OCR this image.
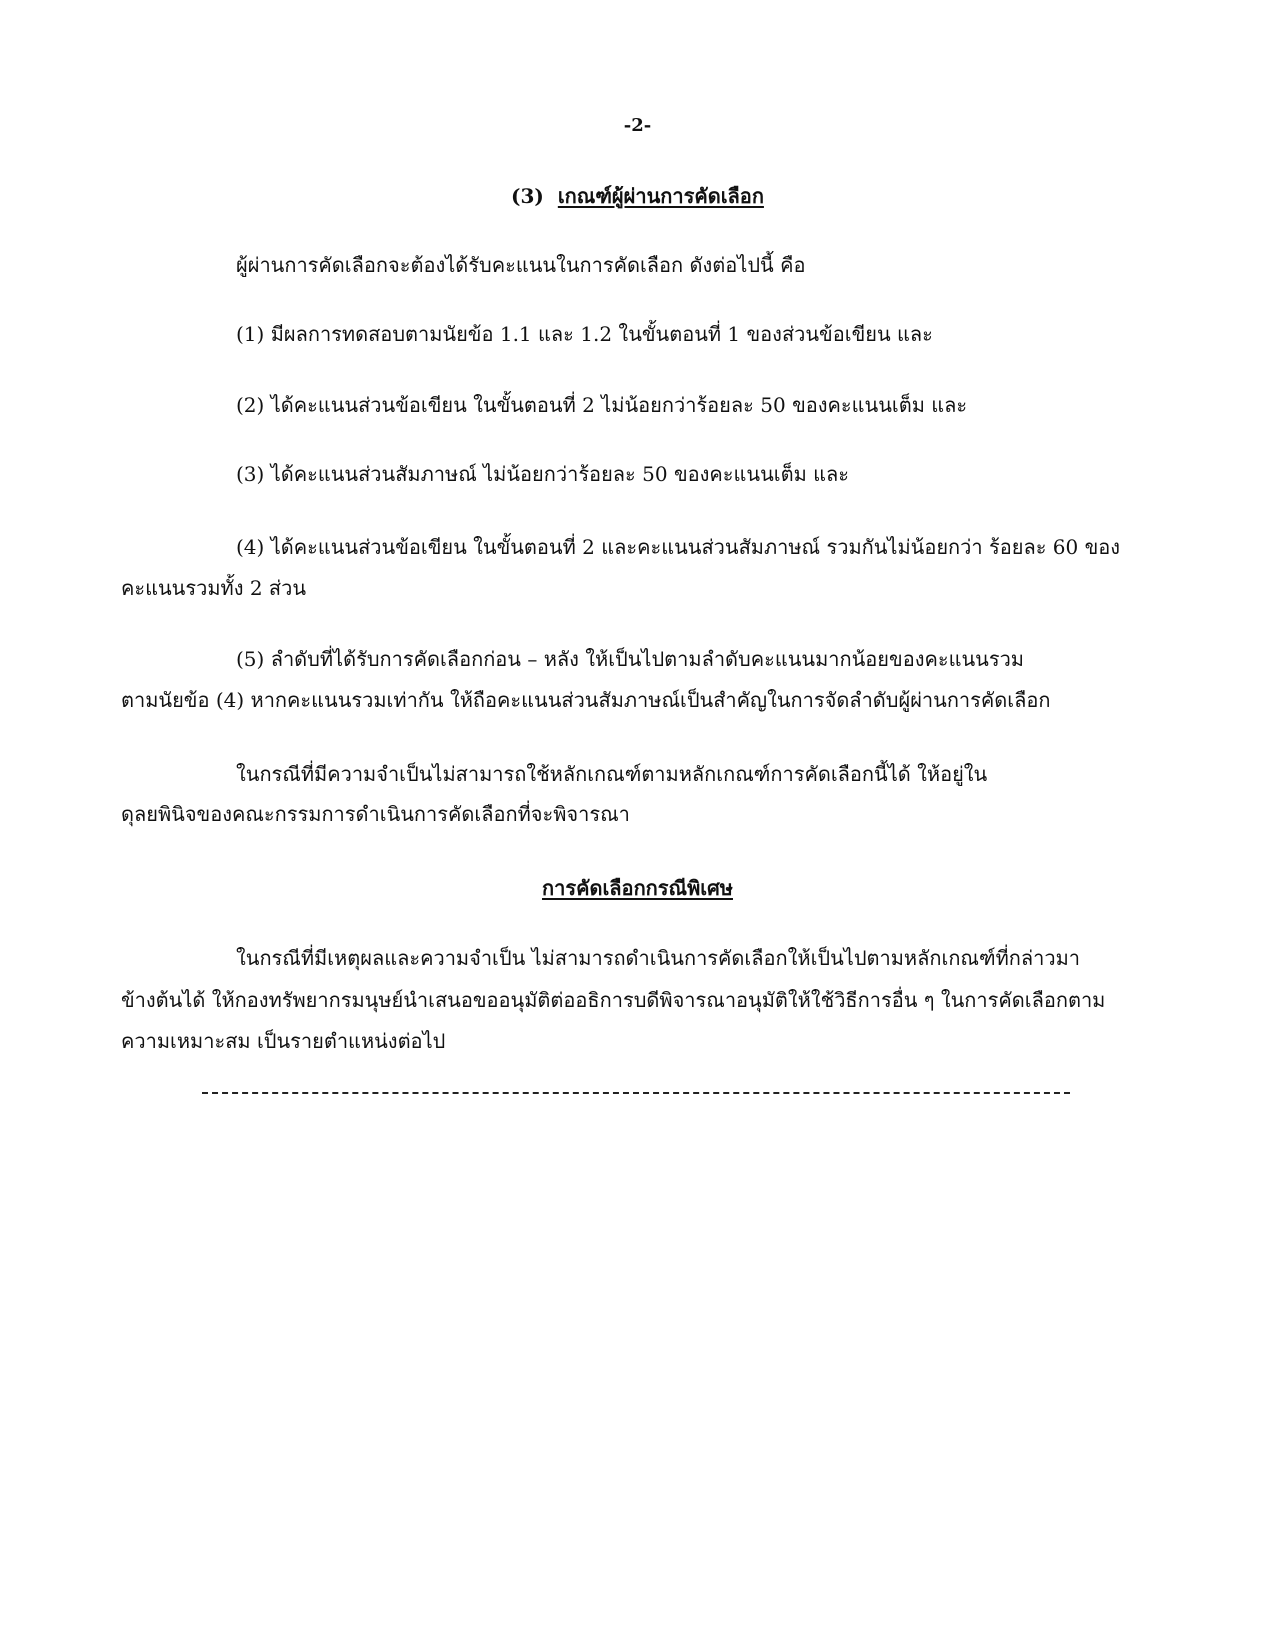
-2-
(3) เกณฑ์ผู้ผ่านการคัดเลือก
ผู้ผ่านการคัดเลือกจะต้องได้รับคะแนนในการคัดเลือก ดังต่อไปนี้ คือ
(1) มีผลการทดสอบตามนัยข้อ 1.1 และ 1.2 ในขั้นตอนที่ 1 ของส่วนข้อเขียน และ
(2) ได้คะแนนส่วนข้อเขียน ในขั้นตอนที่ 2 ไม่น้อยกว่าร้อยละ 50 ของคะแนนเต็ม และ
(3) ได้คะแนนส่วนสัมภาษณ์ ไม่น้อยกว่าร้อยละ 50 ของคะแนนเต็ม และ
(4) ได้คะแนนส่วนข้อเขียน ในขั้นตอนที่ 2 และคะแนนส่วนสัมภาษณ์ รวมกันไม่น้อยกว่า ร้อยละ 60 ของ
คะแนนรวมทั้ง 2 ส่วน
(5) ลำดับที่ได้รับการคัดเลือกก่อน – หลัง ให้เป็นไปตามลำดับคะแนนมากน้อยของคะแนนรวม
ตามนัยข้อ (4) หากคะแนนรวมเท่ากัน ให้ถือคะแนนส่วนสัมภาษณ์เป็นสำคัญในการจัดลำดับผู้ผ่านการคัดเลือก
ในกรณีที่มีความจำเป็นไม่สามารถใช้หลักเกณฑ์ตามหลักเกณฑ์การคัดเลือกนี้ได้ ให้อยู่ใน
ดุลยพินิจของคณะกรรมการดำเนินการคัดเลือกที่จะพิจารณา
การคัดเลือกกรณีพิเศษ
ในกรณีที่มีเหตุผลและความจำเป็น ไม่สามารถดำเนินการคัดเลือกให้เป็นไปตามหลักเกณฑ์ที่กล่าวมา
ข้างต้นได้ ให้กองทรัพยากรมนุษย์นำเสนอขออนุมัติต่ออธิการบดีพิจารณาอนุมัติให้ใช้วิธีการอื่น ๆ ในการคัดเลือกตาม
ความเหมาะสม เป็นรายตำแหน่งต่อไป
